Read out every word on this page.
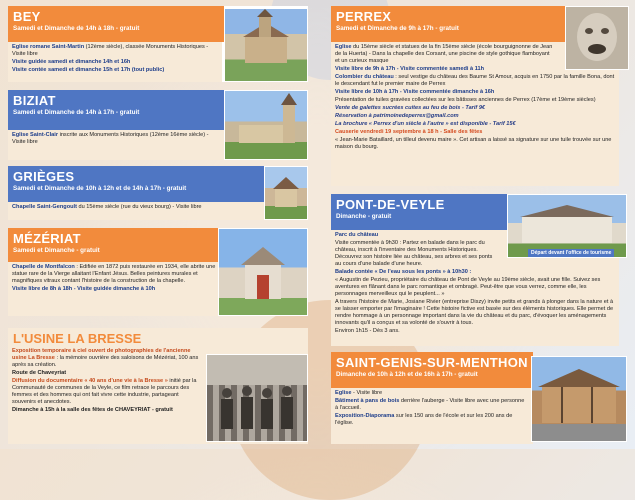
BEY
Samedi et Dimanche de 14h à 18h - gratuit

Eglise romane Saint-Martin (12ème siècle), classée Monuments Historiques - Visite libre

Visite guidée samedi et dimanche 14h et 16h

Visite contée samedi et dimanche 15h et 17h (tout public)

BIZIAT
Samedi et Dimanche de 14h à 17h - gratuit

Eglise Saint-Clair inscrite aux Monuments Historiques (12ème 16ème siècle) - Visite libre

GRIÈGES
Samedi et Dimanche de 10h à 12h et de 14h à 17h - gratuit

Chapelle Saint-Gengoult du 15ème siècle (rue du vieux bourg) - Visite libre

MÉZÉRIAT
Samedi et Dimanche - gratuit

Chapelle de Montfalcon : Edifiée en 1872 puis restaurée en 1934, elle abrite une statue rare de la Vierge allaitant l'Enfant Jésus. Belles peintures murales et magnifiques vitraux contant l'histoire de la construction de la chapelle.

Visite libre de 8h à 18h - Visite guidée dimanche à 10h

L'USINE LA BRESSE

Exposition temporaire à ciel ouvert de photographies de l'ancienne usine La Bresse : la mémoire ouvrière des saloisons de Mézériat, 100 ans après sa création.

Route de Chaveyriat

Diffusion du documentaire « 40 ans d'une vie à la Bresse » initié par la Communauté de communes de la Veyle, ce film retrace le parcours des femmes et des hommes qui ont fait vivre cette industrie, partageant souvenirs et anecdotes.

Dimanche à 15h à la salle des fêtes de CHAVEYRIAT - gratuit

PERREX
Samedi et Dimanche de 9h à 17h - gratuit

Eglise du 15ème siècle et statues de la fin 15ème siècle (école bourguignonne de Jean de la Huerta) - Dans la chapelle des Corsant, une piscine de style gothique flamboyant et un curieux masque

Visite libre de 9h à 17h - Visite commentée samedi à 11h

Colombier du château : seul vestige du château des Baume St Amour, acquis en 1750 par la famille Bona, dont le descendant fut le premier maire de Perrex

Visite libre de 10h à 17h - Visite commentée dimanche à 16h

Présentation de tuiles gravées collectées sur les bâtisses anciennes de Perrex (17ème et 19ème siècles)

Vente de galettes sucrées cuites au feu de bois - Tarif 9€

Réservation à patrimoinedeperrex@gmail.com

La brochure « Perrex d'un siècle à l'autre » est disponible - Tarif 15€

Causerie vendredi 19 septembre à 18 h - Salle des fêtes

« Jean-Marie Bataillard, un tilleul devenu maire ». Cet artisan a laissé sa signature sur une tuile trouvée sur une maison du bourg.

PONT-DE-VEYLE
Dimanche - gratuit

Parc du château

Visite commentée à 9h30 : Partez en balade dans le parc du château, inscrit à l'inventaire des Monuments Historiques. Découvrez son histoire liée au château, ses arbres et ses ponts au cours d'une balade d'une heure.

Balade contée « De l'eau sous les ponts » à 10h30 :

« Augustin de Pezieu, propriétaire du château de Pont de Veyle au 19ème siècle, avait une fille. Suivez ses aventures en flânant dans le parc romantique et ombragé. Peut-être que vous verrez, comme elle, les personnages merveilleux qui le peuplent... »

A travers l'histoire de Marie, Josiane Rivier (entreprise Diszy) invite petits et grands à plonger dans la nature et à se laisser emporter par l'imaginaire ! Cette histoire fictive est basée sur des éléments historiques. Elle permet de rendre hommage à un personnage important dans la vie du château et du parc, d'évoquer les aménagements innovants qu'il a conçus et sa volonté de s'ouvrir à tous.

Environ 1h15 - Dès 3 ans.

Départ devant l'office de tourisme
SAINT-GENIS-SUR-MENTHON
Dimanche de 10h à 12h et de 16h à 17h - gratuit

Eglise - Visite libre

Bâtiment à pans de bois derrière l'auberge - Visite libre avec une personne à l'accueil.

Exposition-Diaporama sur les 150 ans de l'école et sur les 200 ans de l'église.
